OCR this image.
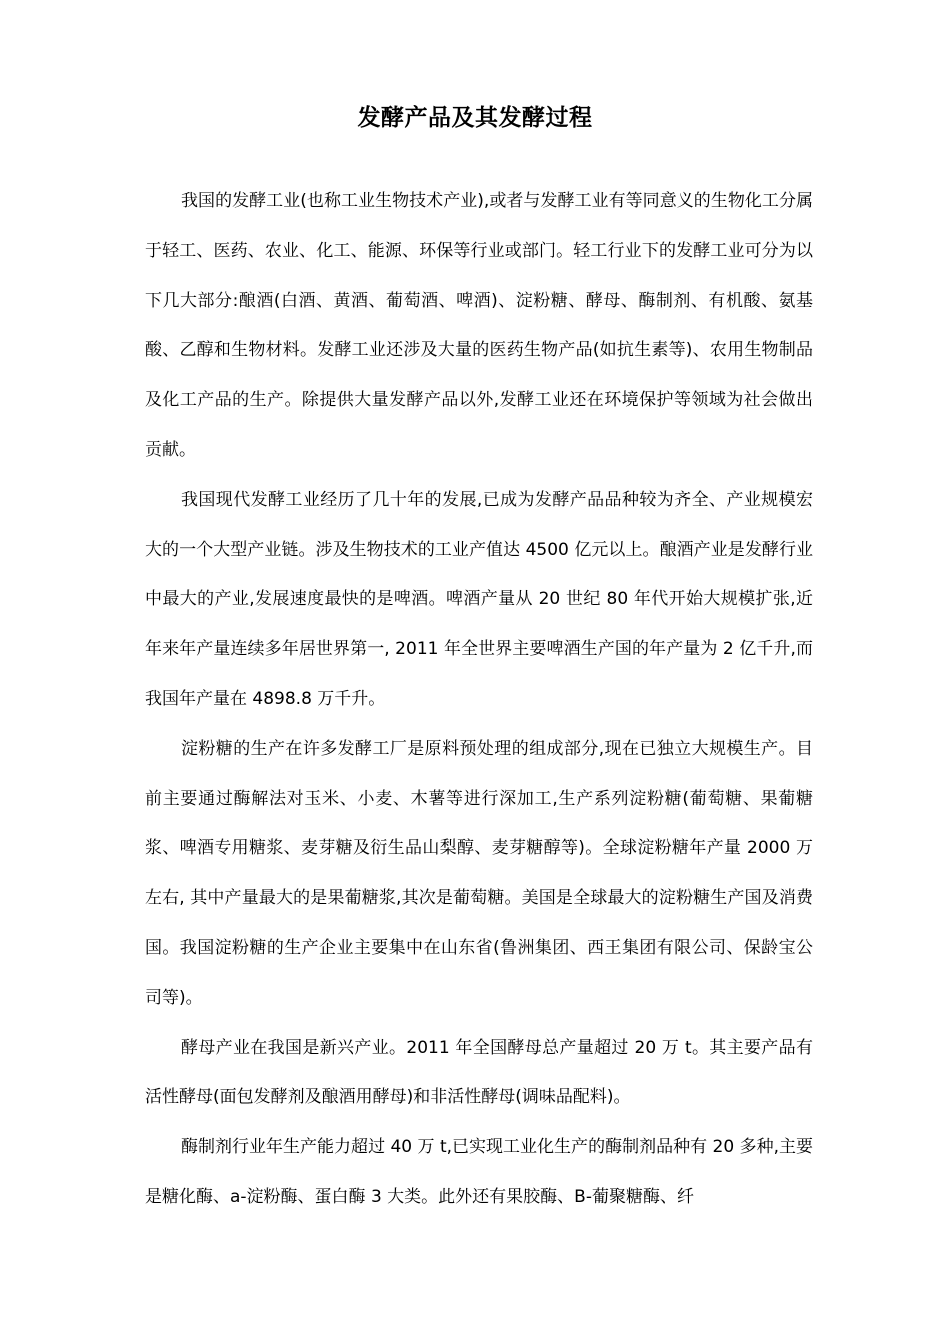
发酵产品及其发酵过程

我国的发酵工业(也称工业生物技术产业),或者与发酵工业有等同意义的生物化工分属于轻工、医药、农业、化工、能源、环保等行业或部门。轻工行业下的发酵工业可分为以下几大部分:酿酒(白酒、黄酒、葡萄酒、啤酒)、淀粉糖、酵母、酶制剂、有机酸、氨基酸、乙醇和生物材料。发酵工业还涉及大量的医药生物产品(如抗生素等)、农用生物制品及化工产品的生产。除提供大量发酵产品以外,发酵工业还在环境保护等领域为社会做出贡献。

我国现代发酵工业经历了几十年的发展,已成为发酵产品品种较为齐全、产业规模宏大的一个大型产业链。涉及生物技术的工业产值达 4500 亿元以上。酿酒产业是发酵行业中最大的产业,发展速度最快的是啤酒。啤酒产量从 20 世纪 80 年代开始大规模扩张,近年来年产量连续多年居世界第一, 2011 年全世界主要啤酒生产国的年产量为 2 亿千升,而我国年产量在 4898.8 万千升。

淀粉糖的生产在许多发酵工厂是原料预处理的组成部分,现在已独立大规模生产。目前主要通过酶解法对玉米、小麦、木薯等进行深加工,生产系列淀粉糖(葡萄糖、果葡糖浆、啤酒专用糖浆、麦芽糖及衍生品山梨醇、麦芽糖醇等)。全球淀粉糖年产量 2000 万左右, 其中产量最大的是果葡糖浆,其次是葡萄糖。美国是全球最大的淀粉糖生产国及消费国。我国淀粉糖的生产企业主要集中在山东省(鲁洲集团、西王集团有限公司、保龄宝公司等)。

酵母产业在我国是新兴产业。2011 年全国酵母总产量超过 20 万 t。其主要产品有活性酵母(面包发酵剂及酿酒用酵母)和非活性酵母(调味品配料)。

酶制剂行业年生产能力超过 40 万 t,已实现工业化生产的酶制剂品种有 20 多种,主要是糖化酶、a-淀粉酶、蛋白酶 3 大类。此外还有果胶酶、B-葡聚糖酶、纤
